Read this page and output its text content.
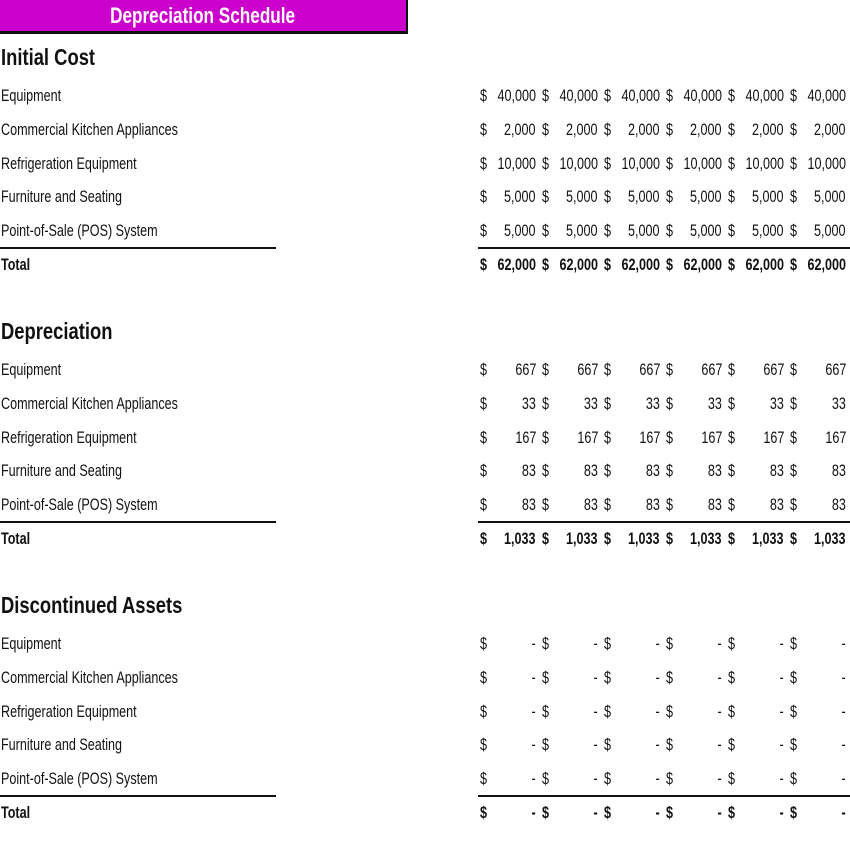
Depreciation Schedule
Initial Cost
Equipment	$ 40,000 $ 40,000 $ 40,000 $ 40,000 $ 40,000 $ 40,000
Commercial Kitchen Appliances	$ 2,000 $ 2,000 $ 2,000 $ 2,000 $ 2,000 $ 2,000
Refrigeration Equipment	$ 10,000 $ 10,000 $ 10,000 $ 10,000 $ 10,000 $ 10,000
Furniture and Seating	$ 5,000 $ 5,000 $ 5,000 $ 5,000 $ 5,000 $ 5,000
Point-of-Sale (POS) System	$ 5,000 $ 5,000 $ 5,000 $ 5,000 $ 5,000 $ 5,000
Total	$ 62,000 $ 62,000 $ 62,000 $ 62,000 $ 62,000 $ 62,000
Depreciation
Equipment	$ 667 $ 667 $ 667 $ 667 $ 667 $ 667
Commercial Kitchen Appliances	$ 33 $ 33 $ 33 $ 33 $ 33 $ 33
Refrigeration Equipment	$ 167 $ 167 $ 167 $ 167 $ 167 $ 167
Furniture and Seating	$ 83 $ 83 $ 83 $ 83 $ 83 $ 83
Point-of-Sale (POS) System	$ 83 $ 83 $ 83 $ 83 $ 83 $ 83
Total	$ 1,033 $ 1,033 $ 1,033 $ 1,033 $ 1,033 $ 1,033
Discontinued Assets
Equipment	$	- $	- $	- $	- $	- $	-
Commercial Kitchen Appliances	$	- $	- $	- $	- $	- $	-
Refrigeration Equipment	$	- $	- $	- $	- $	- $	-
Furniture and Seating	$	- $	- $	- $	- $	- $	-
Point-of-Sale (POS) System	$	- $	- $	- $	- $	- $	-
Total	$	- $	- $	- $	- $	- $	-
